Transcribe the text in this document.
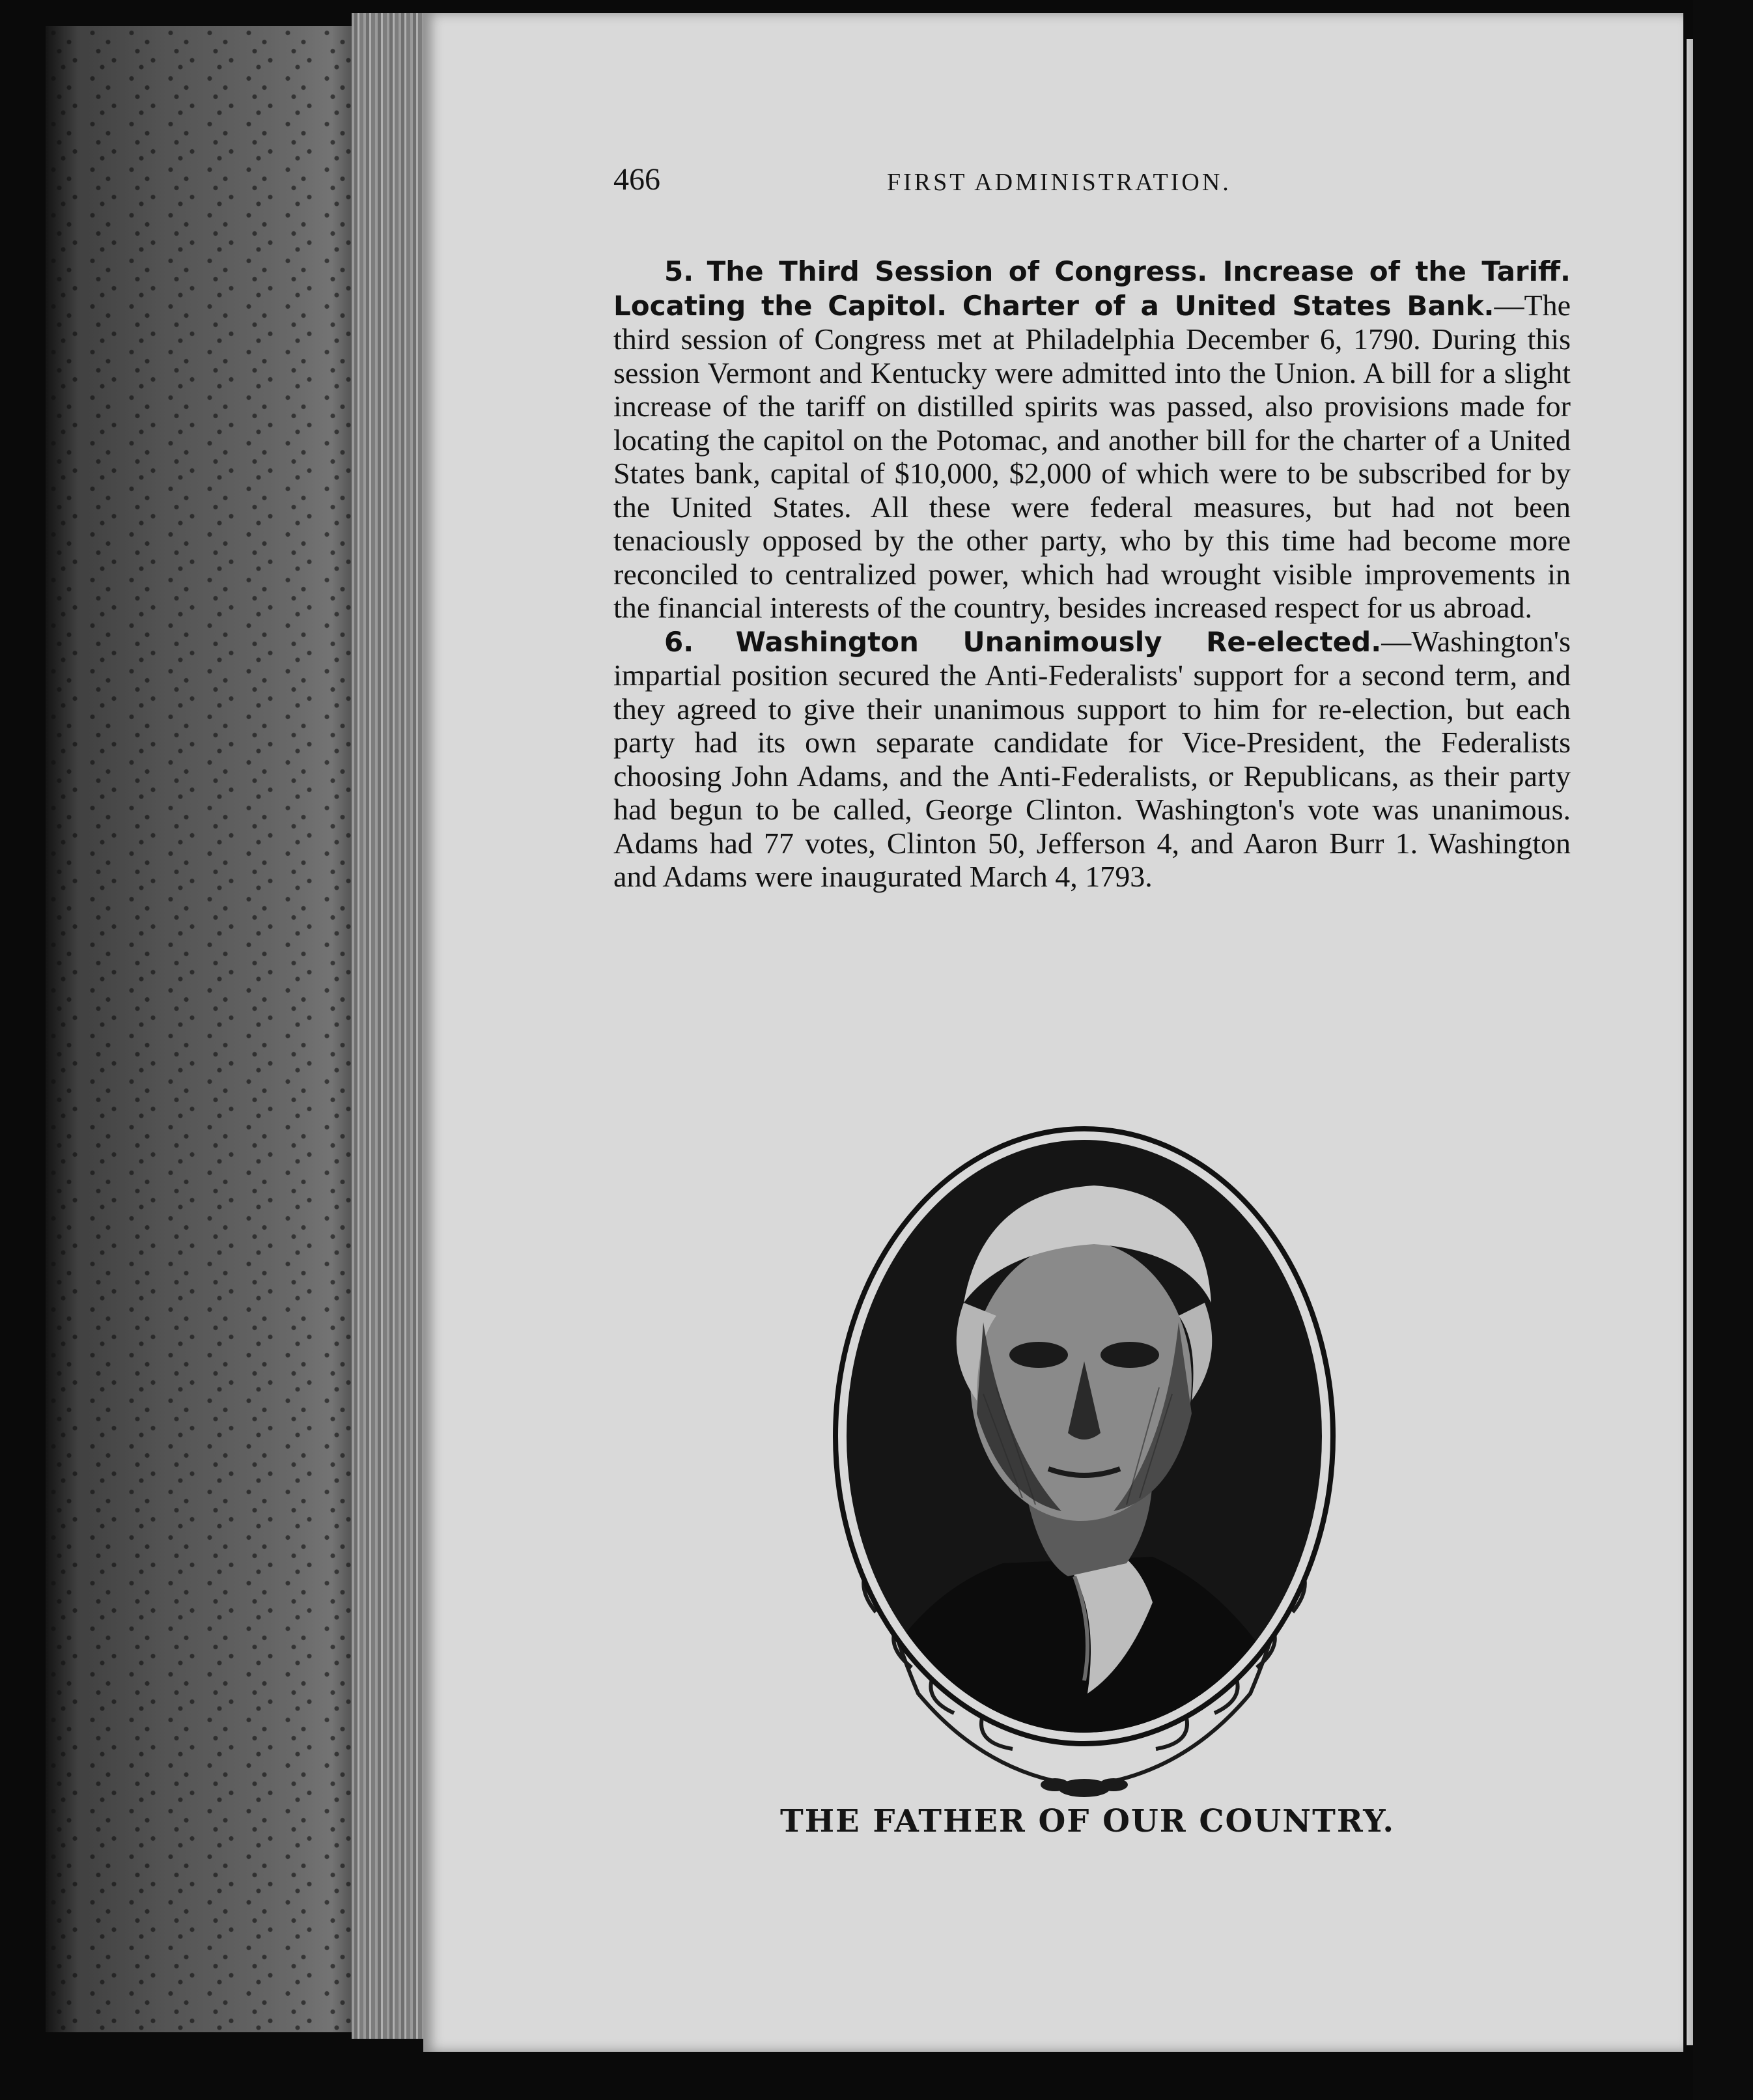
466	FIRST ADMINISTRATION.

5. The Third Session of Congress. Increase of the Tariff. Locating the Capitol. Charter of a United States Bank.—The third session of Congress met at Philadelphia December 6, 1790. During this session Vermont and Kentucky were admitted into the Union. A bill for a slight increase of the tariff on distilled spirits was passed, also provisions made for locating the capitol on the Potomac, and another bill for the charter of a United States bank, capital of $10,000, $2,000 of which were to be subscribed for by the United States. All these were federal measures, but had not been tenaciously opposed by the other party, who by this time had become more reconciled to centralized power, which had wrought visible improvements in the financial interests of the country, besides increased respect for us abroad.

6. Washington Unanimously Re-elected.—Washington's impartial position secured the Anti-Federalists' support for a second term, and they agreed to give their unanimous support to him for re-election, but each party had its own separate candidate for Vice-President, the Federalists choosing John Adams, and the Anti-Federalists, or Republicans, as their party had begun to be called, George Clinton. Washington's vote was unanimous. Adams had 77 votes, Clinton 50, Jefferson 4, and Aaron Burr 1. Washington and Adams were inaugurated March 4, 1793.

THE FATHER OF OUR COUNTRY.
